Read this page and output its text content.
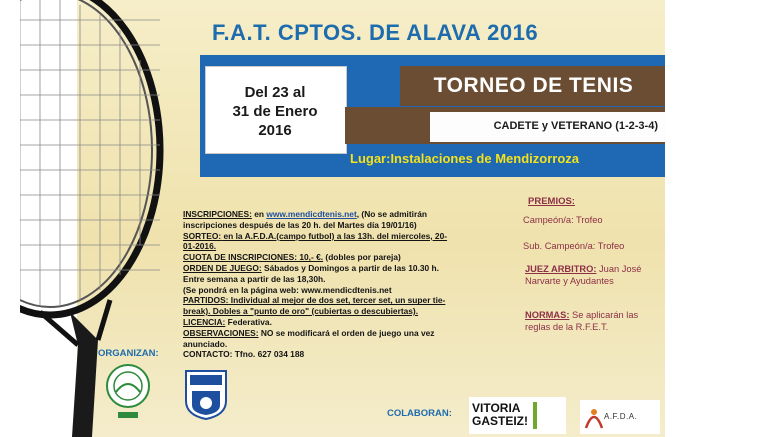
F.A.T. CPTOS. DE ALAVA 2016
Del 23 al
31 de Enero
2016
TORNEO DE TENIS
CADETE y VETERANO (1-2-3-4)
Lugar:Instalaciones de Mendizorroza
INSCRIPCIONES: en www.mendicdtenis.net, (No se admitirán
inscripciones después de las 20 h. del Martes día 19/01/16)
SORTEO: en la A.F.D.A.(campo futbol) a las 13h. del miercoles, 20-
01-2016.
CUOTA DE INSCRIPCIONES: 10,- €. (dobles por pareja)
ORDEN DE JUEGO: Sábados y Domingos a partir de las 10.30 h.
Entre semana a partir de las 18,30h.
(Se pondrá en la página web: www.mendicdtenis.net
PARTIDOS: Individual al mejor de dos set, tercer set, un super tie-
break). Dobles a "punto de oro" (cubiertas o descubiertas).
LICENCIA: Federativa.
OBSERVACIONES: NO se modificará el orden de juego una vez
anunciado.
CONTACTO: Tfno. 627 034 188
PREMIOS:

Campeón/a: Trofeo

Sub. Campeón/a: Trofeo

JUEZ ARBITRO: Juan José Narvarte y Ayudantes

NORMAS: Se aplicarán las reglas de la R.F.E.T.

ORGANIZAN:
COLABORAN: VITORIA
GASTEIZ!	A.F.D.A.
